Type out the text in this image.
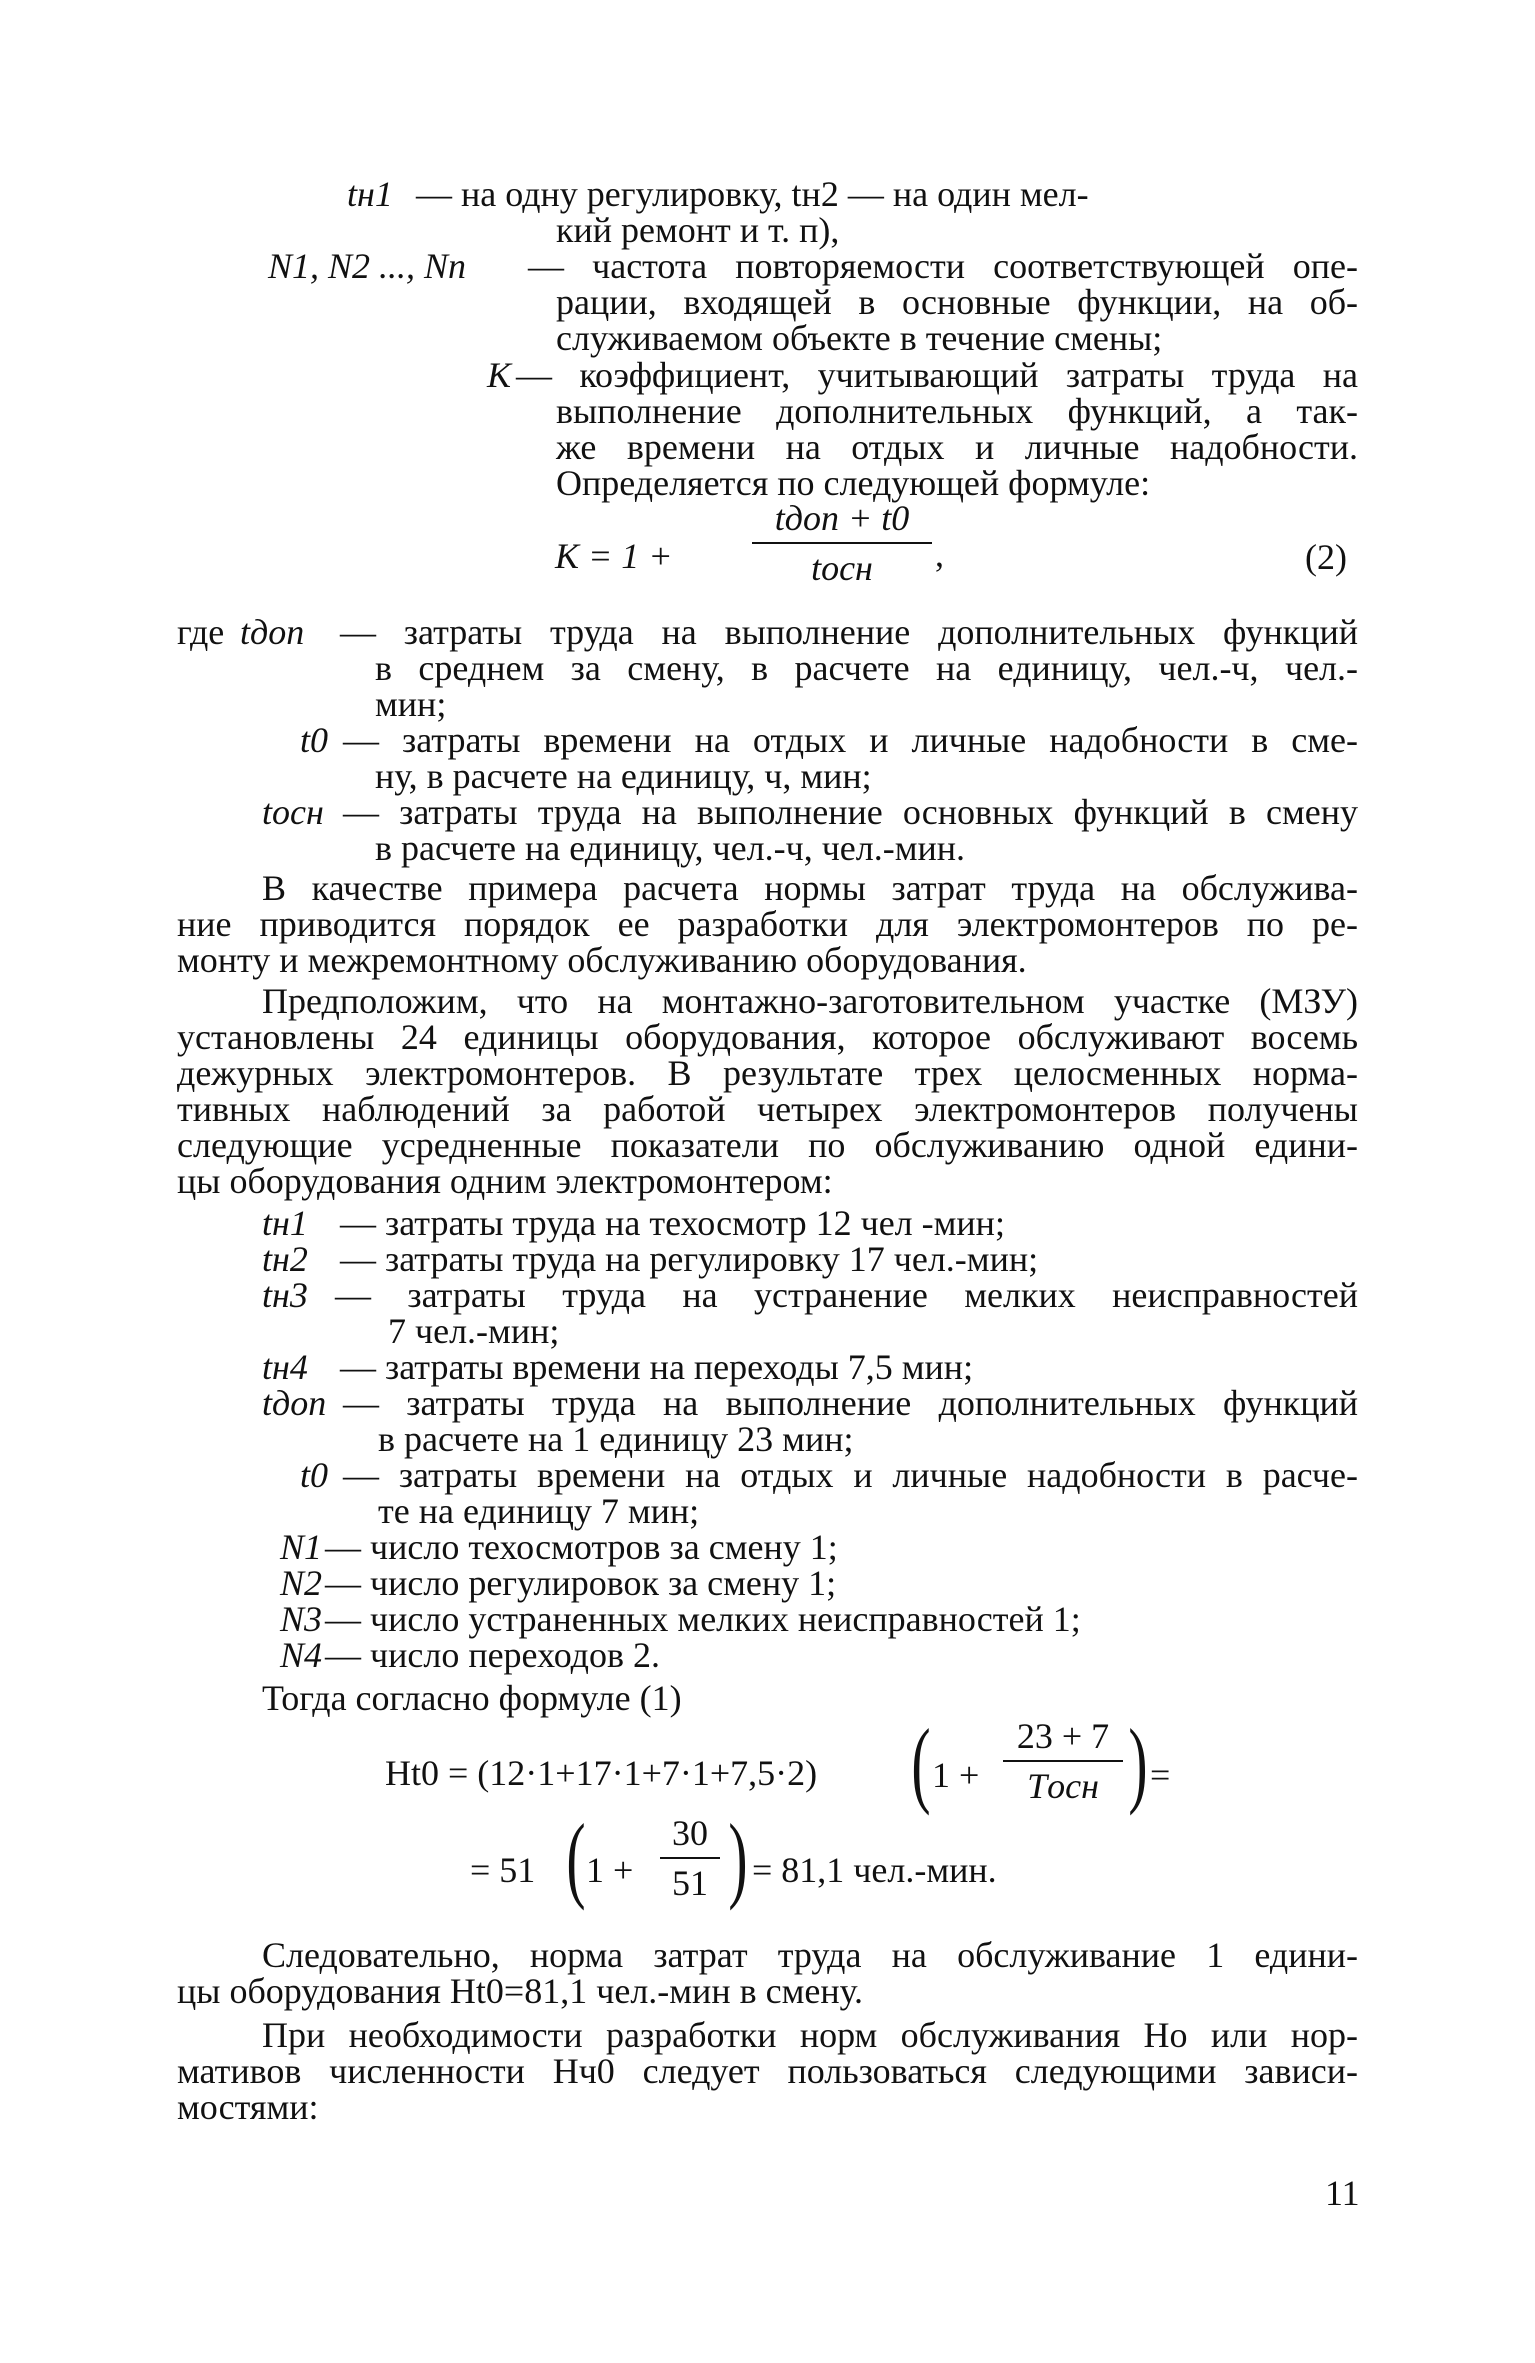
tн1 — на одну регулировку, tн2 — на один мел-
кий ремонт и т. п),
N1, N2 ..., Nn — частота повторяемости соответствующей опе-
рации, входящей в основные функции, на об-
служиваемом объекте в течение смены;
K — коэффициент, учитывающий затраты труда на
выполнение дополнительных функций, а так-
же времени на отдых и личные надобности.
Определяется по следующей формуле:
K = 1 +
tдоп + t0
tосн	,	(2)
где tдоп — затраты труда на выполнение дополнительных функций
в среднем за смену, в расчете на единицу, чел.-ч, чел.-
мин;
t0 — затраты времени на отдых и личные надобности в сме-
ну, в расчете на единицу, ч, мин;
tосн — затраты труда на выполнение основных функций в смену
в расчете на единицу, чел.-ч, чел.-мин.
В качестве примера расчета нормы затрат труда на обслужива-
ние приводится порядок ее разработки для электромонтеров по ре-
монту и межремонтному обслуживанию оборудования.
Предположим, что на монтажно-заготовительном участке (МЗУ)
установлены 24 единицы оборудования, которое обслуживают восемь
дежурных электромонтеров. В результате трех целосменных норма-
тивных наблюдений за работой четырех электромонтеров получены
следующие усредненные показатели по обслуживанию одной едини-
цы оборудования одним электромонтером:
tн1 — затраты труда на техосмотр 12 чел -мин;
tн2 — затраты труда на регулировку 17 чел.-мин;
tн3 — затраты труда на устранение мелких неисправностей
7 чел.-мин;
tн4 — затраты времени на переходы 7,5 мин;
tдоп — затраты труда на выполнение дополнительных функций
в расчете на 1 единицу 23 мин;
t0 — затраты времени на отдых и личные надобности в расче-
те на единицу 7 мин;
N1 — число техосмотров за смену 1;
N2 — число регулировок за смену 1;
N3 — число устраненных мелких неисправностей 1;
N4 — число переходов 2.
Тогда согласно формуле (1)
Ht0 = (12·1+17·1+7·1+7,5·2) ( 1 +
23 + 7
Tосн ) =
= 51 ( 1 +
30
51 ) = 81,1 чел.-мин.
Следовательно, норма затрат труда на обслуживание 1 едини-
цы оборудования Ht0=81,1 чел.-мин в смену.
При необходимости разработки норм обслуживания Hо или нор-
мативов численности Hч0 следует пользоваться следующими зависи-
мостями:
11
